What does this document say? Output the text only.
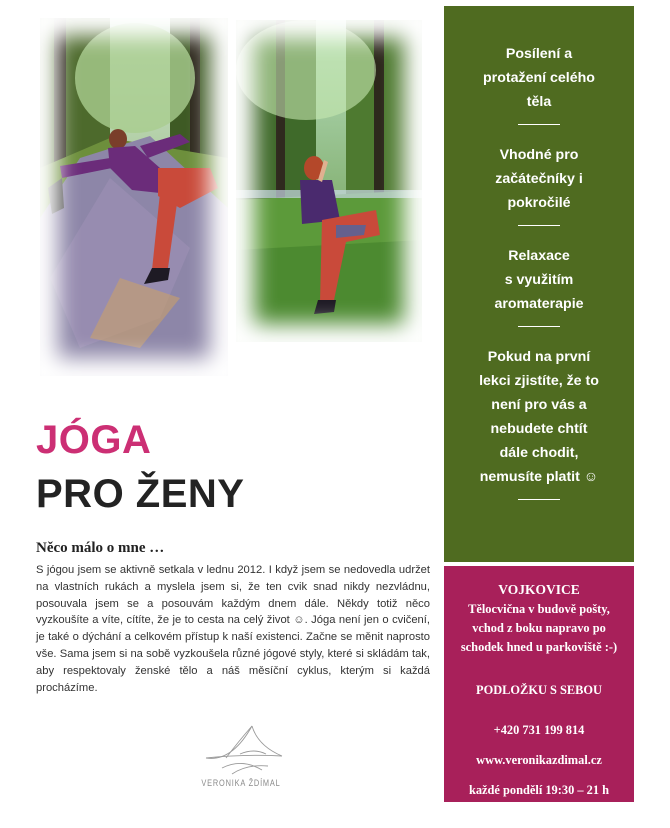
JÓGA
PRO ŽENY
Něco málo o mne …
S jógou jsem se aktivně setkala v lednu 2012. I když jsem se nedovedla udržet na vlastních rukách a myslela jsem si, že ten cvik snad nikdy nezvládnu, posouvala jsem se a posouvám každým dnem dále. Někdy totiž něco vyzkoušíte a víte, cítíte, že je to cesta na celý život ☺. Jóga není jen o cvičení, je také o dýchání a celkovém přístup k naší existenci. Začne se měnit naprosto vše. Sama jsem si na sobě vyzkoušela různé jógové styly, které si skládám tak, aby respektovaly ženské tělo a náš měsíční cyklus, kterým si každá procházíme.
VERONIKA ŽDÍMAL
Posílení a
protažení celého
těla
Vhodné pro
začátečníky i
pokročilé
Relaxace
s využitím
aromaterapie
Pokud na první
lekci zjistíte, že to
není pro vás a
nebudete chtít
dále chodit,
nemusíte platit ☺
VOJKOVICE
Tělocvična v budově pošty,
vchod z boku napravo po
schodek hned u parkoviště :-)
PODLOŽKU S SEBOU
+420 731 199 814
www.veronikazdimal.cz
každé pondělí 19:30 – 21 h
